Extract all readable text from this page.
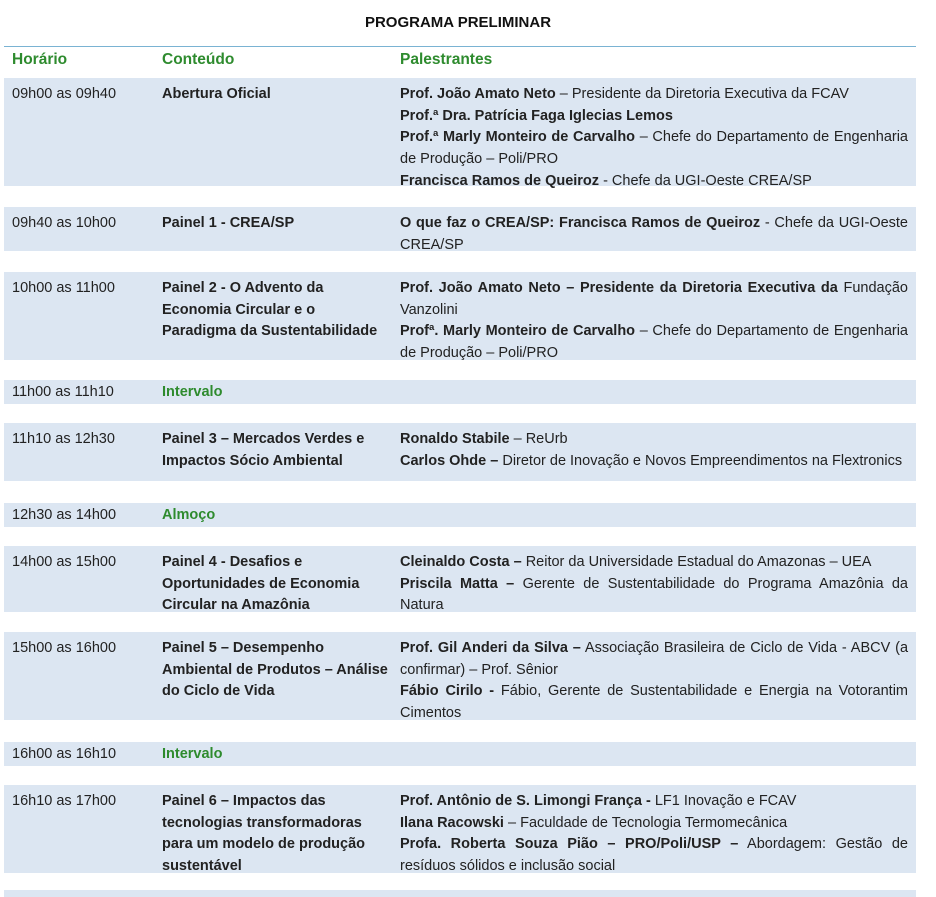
PROGRAMA PRELIMINAR
Horário	Conteúdo	Palestrantes
09h00 as 09h40	Abertura Oficial	Prof. João Amato Neto – Presidente da Diretoria Executiva da FCAV
Prof.ª Dra. Patrícia Faga Iglecias Lemos
Prof.ª Marly Monteiro de Carvalho – Chefe do Departamento de Engenharia de Produção – Poli/PRO
Francisca Ramos de Queiroz - Chefe da UGI-Oeste CREA/SP
09h40 as 10h00	Painel 1 - CREA/SP	O que faz o CREA/SP: Francisca Ramos de Queiroz - Chefe da UGI-Oeste CREA/SP
10h00 as 11h00	Painel 2 - O Advento da Economia Circular e o Paradigma da Sustentabilidade
Prof. João Amato Neto – Presidente da Diretoria Executiva da Fundação Vanzolini
Profª. Marly Monteiro de Carvalho – Chefe do Departamento de Engenharia de Produção – Poli/PRO
11h00 as 11h10	Intervalo
11h10 as 12h30	Painel 3 – Mercados Verdes e Impactos Sócio Ambiental
Ronaldo Stabile – ReUrb
Carlos Ohde – Diretor de Inovação e Novos Empreendimentos na Flextronics
12h30 as 14h00	Almoço
14h00 as 15h00	Painel 4 - Desafios e Oportunidades de Economia Circular na Amazônia
Cleinaldo Costa – Reitor da Universidade Estadual do Amazonas – UEA
Priscila Matta – Gerente de Sustentabilidade do Programa Amazônia da Natura
15h00 as 16h00	Painel 5 – Desempenho Ambiental de Produtos – Análise do Ciclo de Vida
Prof. Gil Anderi da Silva – Associação Brasileira de Ciclo de Vida - ABCV (a confirmar) – Prof. Sênior
Fábio Cirilo - Fábio, Gerente de Sustentabilidade e Energia na Votorantim Cimentos
16h00 as 16h10	Intervalo
16h10 as 17h00	Painel 6 – Impactos das tecnologias transformadoras para um modelo de produção sustentável
Prof. Antônio de S. Limongi França - LF1 Inovação e FCAV
Ilana Racowski – Faculdade de Tecnologia Termomecânica
Profa. Roberta Souza Pião – PRO/Poli/USP – Abordagem: Gestão de resíduos sólidos e inclusão social
